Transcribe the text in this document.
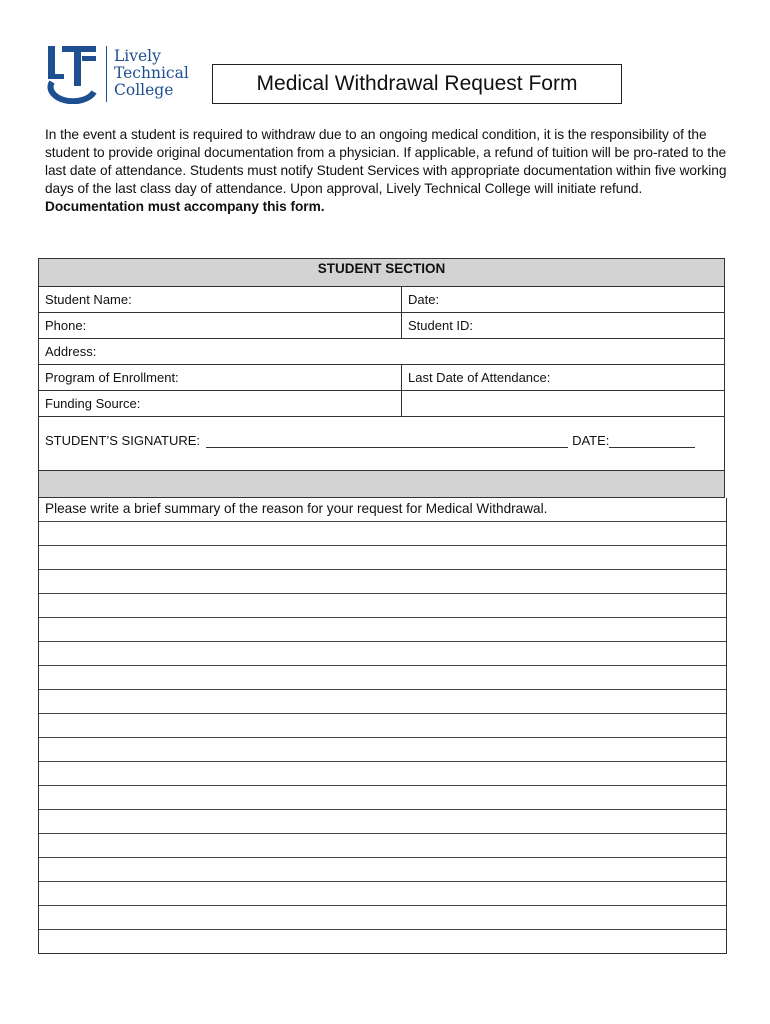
Lively
Technical
College	Medical Withdrawal Request Form
In the event a student is required to withdraw due to an ongoing medical condition, it is the responsibility of the student to provide original documentation from a physician. If applicable, a refund of tuition will be pro-rated to the last date of attendance. Students must notify Student Services with appropriate documentation within five working days of the last class day of attendance. Upon approval, Lively Technical College will initiate refund. Documentation must accompany this form.
STUDENT SECTION
Student Name:	Date:
Phone:	Student ID:
Address:
Program of Enrollment:	Last Date of Attendance:
Funding Source:
STUDENT’S SIGNATURE:	DATE:
Please write a brief summary of the reason for your request for Medical Withdrawal.
